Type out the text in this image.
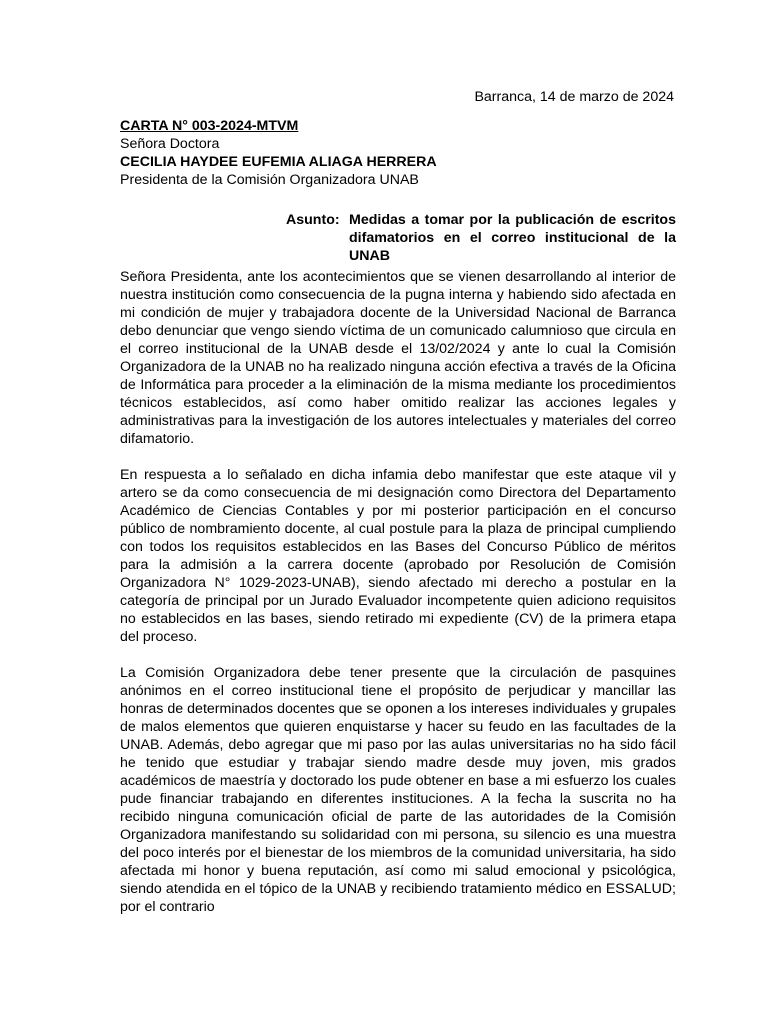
Barranca, 14 de marzo de 2024

CARTA N° 003-2024-MTVM

Señora Doctora

CECILIA HAYDEE EUFEMIA ALIAGA HERRERA

Presidenta de la Comisión Organizadora UNAB

Asunto: Medidas a tomar por la publicación de escritos difamatorios en el correo institucional de la UNAB

Señora Presidenta, ante los acontecimientos que se vienen desarrollando al interior de nuestra institución como consecuencia de la pugna interna y habiendo sido afectada en mi condición de mujer y trabajadora docente de la Universidad Nacional de Barranca debo denunciar que vengo siendo víctima de un comunicado calumnioso que circula en el correo institucional de la UNAB desde el 13/02/2024 y ante lo cual la Comisión Organizadora de la UNAB no ha realizado ninguna acción efectiva a través de la Oficina de Informática para proceder a la eliminación de la misma mediante los procedimientos técnicos establecidos, así como haber omitido realizar las acciones legales y administrativas para la investigación de los autores intelectuales y materiales del correo difamatorio.

En respuesta a lo señalado en dicha infamia debo manifestar que este ataque vil y artero se da como consecuencia de mi designación como Directora del Departamento Académico de Ciencias Contables y por mi posterior participación en el concurso público de nombramiento docente, al cual postule para la plaza de principal cumpliendo con todos los requisitos establecidos en las Bases del Concurso Público de méritos para la admisión a la carrera docente (aprobado por Resolución de Comisión Organizadora N° 1029-2023-UNAB), siendo afectado mi derecho a postular en la categoría de principal por un Jurado Evaluador incompetente quien adiciono requisitos no establecidos en las bases, siendo retirado mi expediente (CV) de la primera etapa del proceso.

La Comisión Organizadora debe tener presente que la circulación de pasquines anónimos en el correo institucional tiene el propósito de perjudicar y mancillar las honras de determinados docentes que se oponen a los intereses individuales y grupales de malos elementos que quieren enquistarse y hacer su feudo en las facultades de la UNAB. Además, debo agregar que mi paso por las aulas universitarias no ha sido fácil he tenido que estudiar y trabajar siendo madre desde muy joven, mis grados académicos de maestría y doctorado los pude obtener en base a mi esfuerzo los cuales pude financiar trabajando en diferentes instituciones. A la fecha la suscrita no ha recibido ninguna comunicación oficial de parte de las autoridades de la Comisión Organizadora manifestando su solidaridad con mi persona, su silencio es una muestra del poco interés por el bienestar de los miembros de la comunidad universitaria, ha sido afectada mi honor y buena reputación, así como mi salud emocional y psicológica, siendo atendida en el tópico de la UNAB y recibiendo tratamiento médico en ESSALUD; por el contrario
